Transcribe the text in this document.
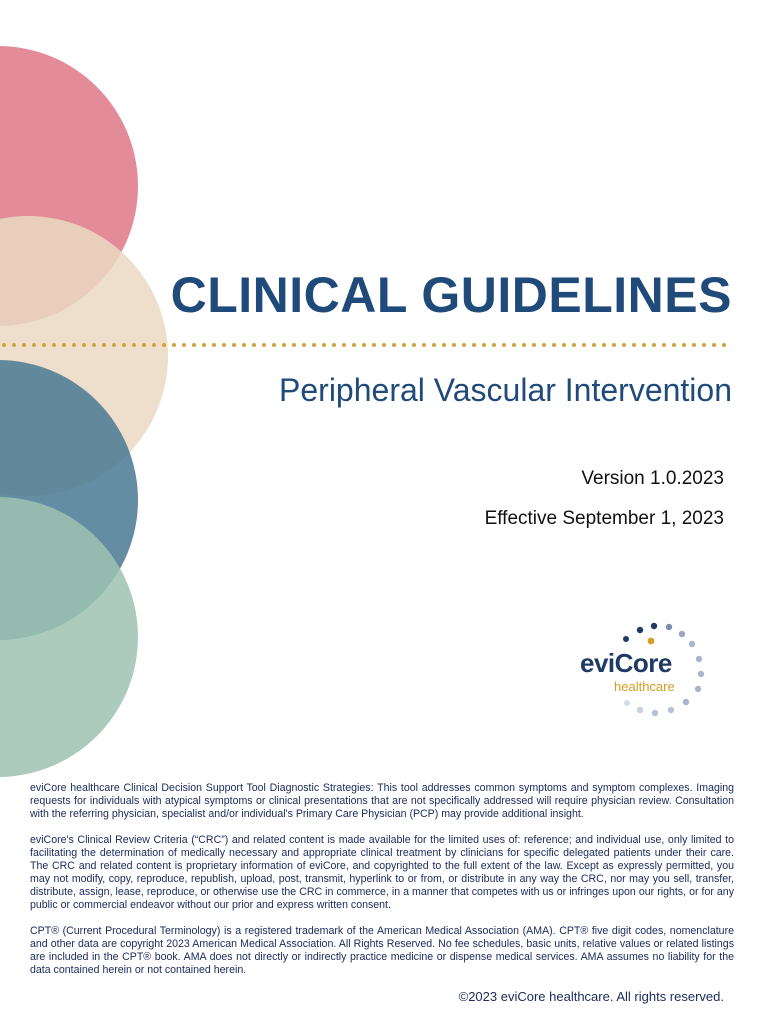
CLINICAL GUIDELINES
Peripheral Vascular Intervention
Version 1.0.2023
Effective September 1, 2023
eviCore
healthcare

eviCore healthcare Clinical Decision Support Tool Diagnostic Strategies: This tool addresses common symptoms and symptom complexes. Imaging requests for individuals with atypical symptoms or clinical presentations that are not specifically addressed will require physician review. Consultation with the referring physician, specialist and/or individual's Primary Care Physician (PCP) may provide additional insight.

eviCore's Clinical Review Criteria (“CRC”) and related content is made available for the limited uses of: reference; and individual use, only limited to facilitating the determination of medically necessary and appropriate clinical treatment by clinicians for specific delegated patients under their care. The CRC and related content is proprietary information of eviCore, and copyrighted to the full extent of the law. Except as expressly permitted, you may not modify, copy, reproduce, republish, upload, post, transmit, hyperlink to or from, or distribute in any way the CRC, nor may you sell, transfer, distribute, assign, lease, reproduce, or otherwise use the CRC in commerce, in a manner that competes with us or infringes upon our rights, or for any public or commercial endeavor without our prior and express written consent.

CPT® (Current Procedural Terminology) is a registered trademark of the American Medical Association (AMA). CPT® five digit codes, nomenclature and other data are copyright 2023 American Medical Association. All Rights Reserved. No fee schedules, basic units, relative values or related listings are included in the CPT® book. AMA does not directly or indirectly practice medicine or dispense medical services. AMA assumes no liability for the data contained herein or not contained herein.

©2023 eviCore healthcare. All rights reserved.
